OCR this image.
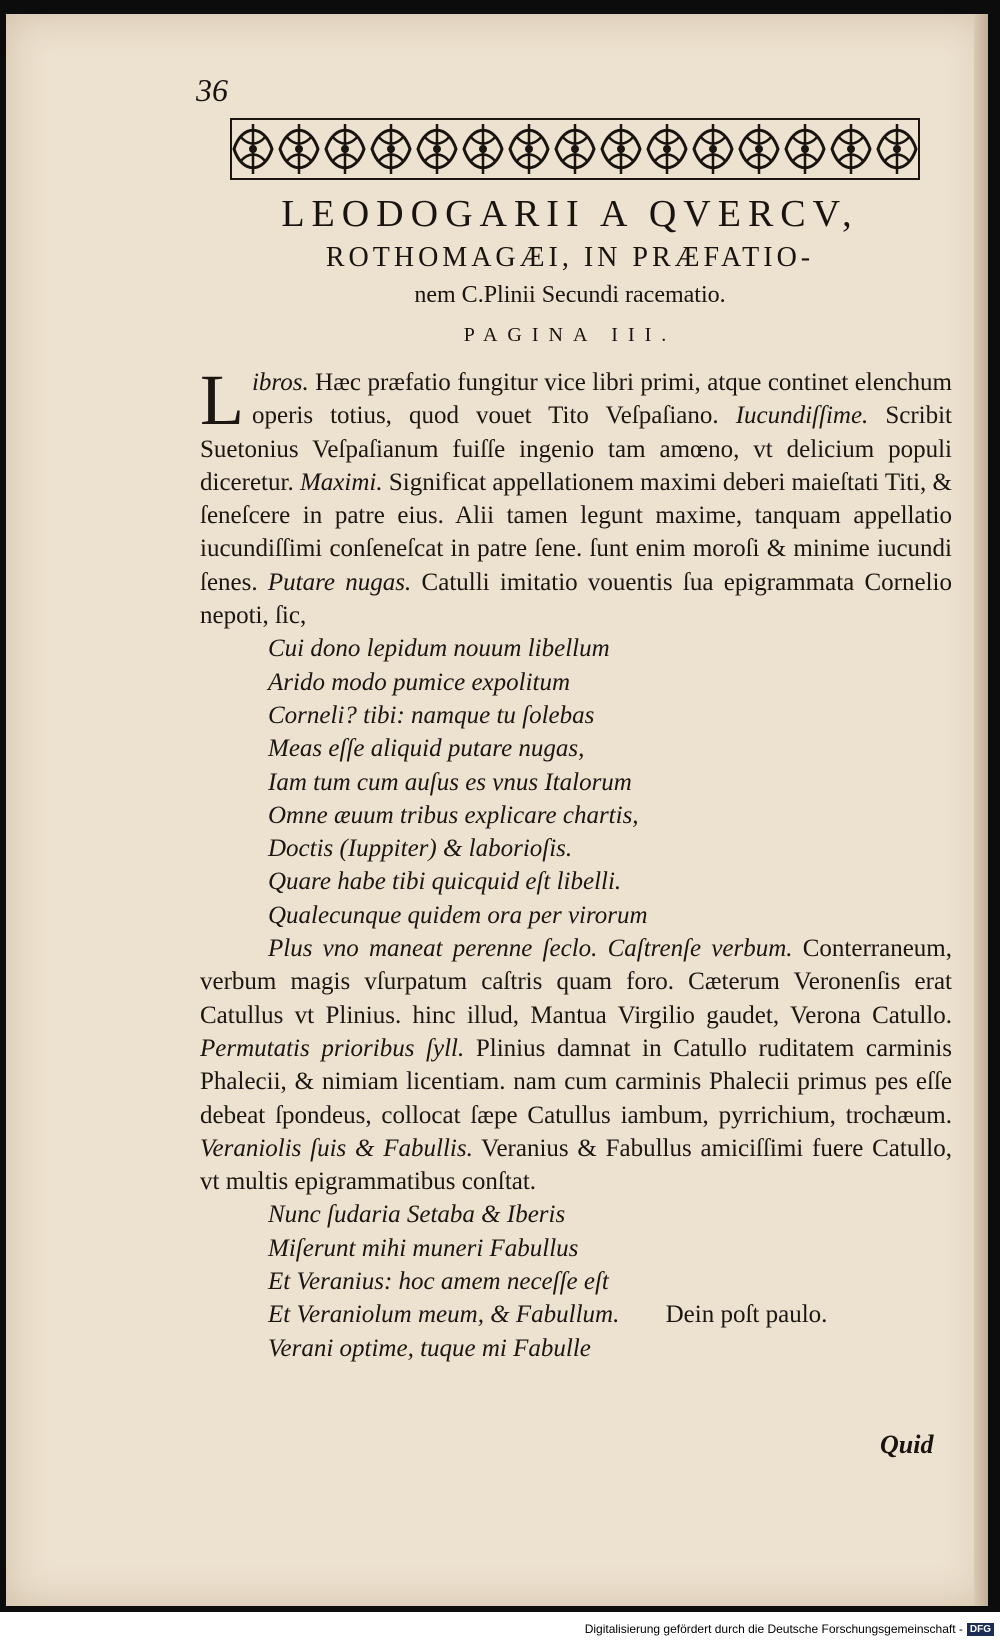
36
LEODOGARII A QVERCV,
ROTHOMAGÆI, IN PRÆFATIO-
nem C.Plinii Secundi racematio.
PAGINA III.

L ibros. Hæc præfatio fungitur vice libri primi, atque continet elenchum operis totius, quod vouet Tito Veſpaſiano. Iucundiſſime. Scribit Suetonius Veſpaſianum fuiſſe ingenio tam amœno, vt delicium populi diceretur. Maximi. Significat appellationem maximi deberi maieſtati Titi, & ſeneſcere in patre eius. Alii tamen legunt maxime, tanquam appellatio iucundiſſimi conſeneſcat in patre ſene. ſunt enim moroſi & minime iucundi ſenes. Putare nugas. Catulli imitatio vouentis ſua epigrammata Cornelio nepoti, ſic,

Cui dono lepidum nouum libellum
Arido modo pumice expolitum
Corneli? tibi: namque tu ſolebas
Meas eſſe aliquid putare nugas,
Iam tum cum auſus es vnus Italorum
Omne æuum tribus explicare chartis,
Doctis (Iuppiter) & laborioſis.
Quare habe tibi quicquid eſt libelli.
Qualecunque quidem ora per virorum

Plus vno maneat perenne ſeclo. Caſtrenſe verbum. Conterraneum, verbum magis vſurpatum caſtris quam foro. Cæterum Veronenſis erat Catullus vt Plinius. hinc illud, Mantua Virgilio gaudet, Verona Catullo. Permutatis prioribus ſyll. Plinius damnat in Catullo ruditatem carminis Phalecii, & nimiam licentiam. nam cum carminis Phalecii primus pes eſſe debeat ſpondeus, collocat ſæpe Catullus iambum, pyrrichium, trochæum. Veraniolis ſuis & Fabullis. Veranius & Fabullus amiciſſimi fuere Catullo, vt multis epigrammatibus conſtat.

Nunc ſudaria Setaba & Iberis
Miſerunt mihi muneri Fabullus
Et Veranius: hoc amem neceſſe eſt
Et Veraniolum meum, & Fabullum. Dein poſt paulo.
Verani optime, tuque mi Fabulle
Quid
Digitalisierung gefördert durch die Deutsche Forschungsgemeinschaft - DFG
